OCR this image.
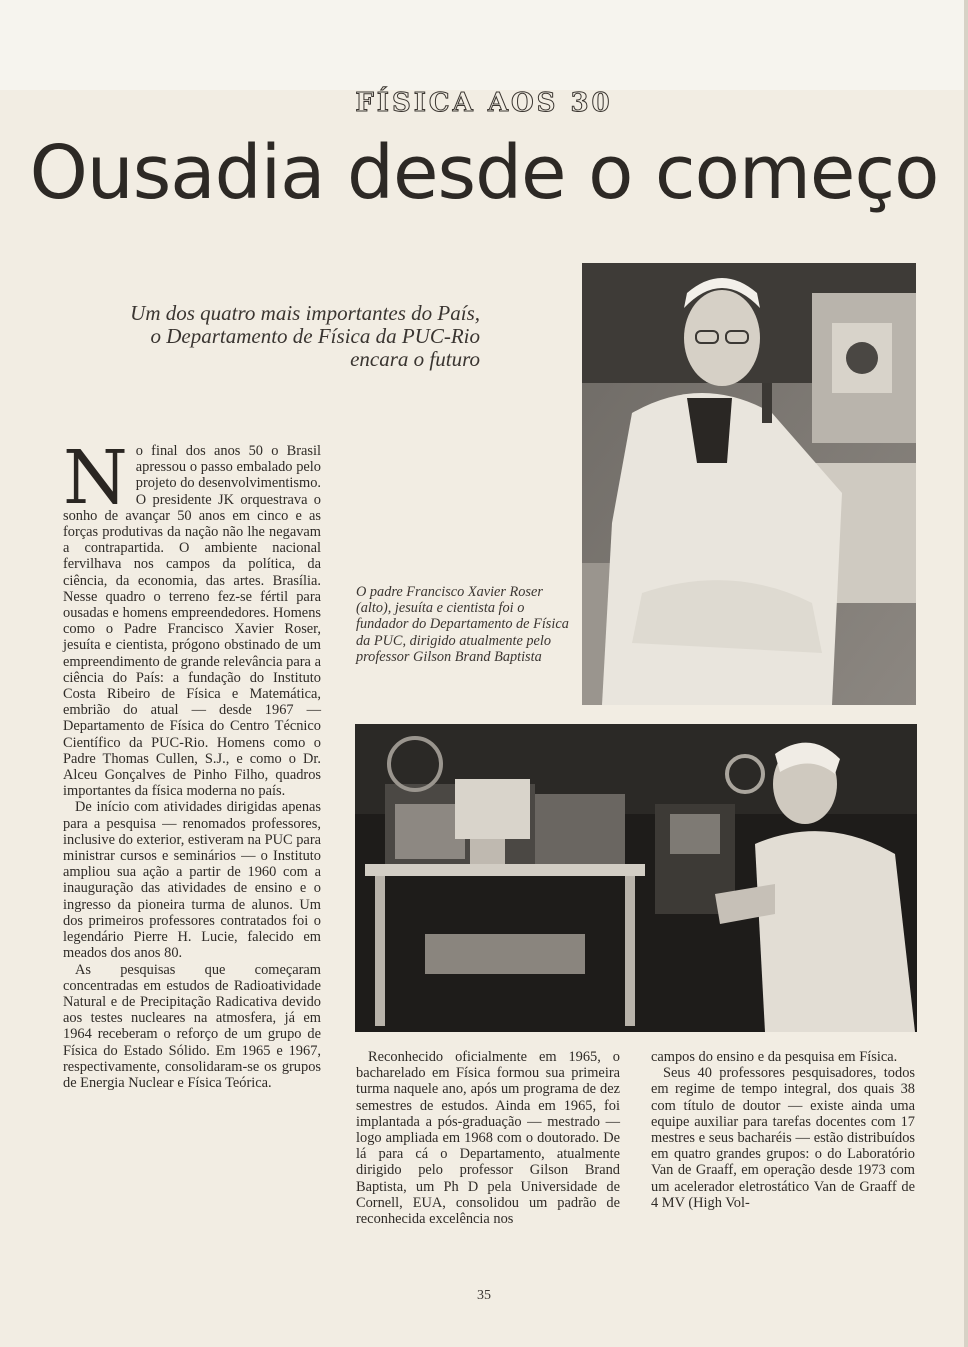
FÍSICA AOS 30
Ousadia desde o começo
Um dos quatro mais importantes do País, o Departamento de Física da PUC-Rio encara o futuro
O padre Francisco Xavier Roser (alto), jesuíta e cientista foi o fundador do Departamento de Física da PUC, dirigido atualmente pelo professor Gilson Brand Baptista

No final dos anos 50 o Brasil apressou o passo embalado pelo projeto do desenvolvimentismo. O presidente JK orquestrava o sonho de avançar 50 anos em cinco e as forças produtivas da nação não lhe negavam a contrapartida. O ambiente nacional fervilhava nos campos da política, da ciência, da economia, das artes. Brasília. Nesse quadro o terreno fez-se fértil para ousadas e homens empreendedores. Homens como o Padre Francisco Xavier Roser, jesuíta e cientista, prógono obstinado de um empreendimento de grande relevância para a ciência do País: a fundação do Instituto Costa Ribeiro de Física e Matemática, embrião do atual — desde 1967 — Departamento de Física do Centro Técnico Científico da PUC-Rio. Homens como o Padre Thomas Cullen, S.J., e como o Dr. Alceu Gonçalves de Pinho Filho, quadros importantes da física moderna no país.

De início com atividades dirigidas apenas para a pesquisa — renomados professores, inclusive do exterior, estiveram na PUC para ministrar cursos e seminários — o Instituto ampliou sua ação a partir de 1960 com a inauguração das atividades de ensino e o ingresso da pioneira turma de alunos. Um dos primeiros professores contratados foi o legendário Pierre H. Lucie, falecido em meados dos anos 80.

As pesquisas que começaram concentradas em estudos de Radioatividade Natural e de Precipitação Radicativa devido aos testes nucleares na atmosfera, já em 1964 receberam o reforço de um grupo de Física do Estado Sólido. Em 1965 e 1967, respectivamente, consolidaram-se os grupos de Energia Nuclear e Física Teórica.

Reconhecido oficialmente em 1965, o bacharelado em Física formou sua primeira turma naquele ano, após um programa de dez semestres de estudos. Ainda em 1965, foi implantada a pós-graduação — mestrado — logo ampliada em 1968 com o doutorado. De lá para cá o Departamento, atualmente dirigido pelo professor Gilson Brand Baptista, um Ph D pela Universidade de Cornell, EUA, consolidou um padrão de reconhecida excelência nos

campos do ensino e da pesquisa em Física.

Seus 40 professores pesquisadores, todos em regime de tempo integral, dos quais 38 com título de doutor — existe ainda uma equipe auxiliar para tarefas docentes com 17 mestres e seus bacharéis — estão distribuídos em quatro grandes grupos: o do Laboratório Van de Graaff, em operação desde 1973 com um acelerador eletrostático Van de Graaff de 4 MV (High Vol-

35
